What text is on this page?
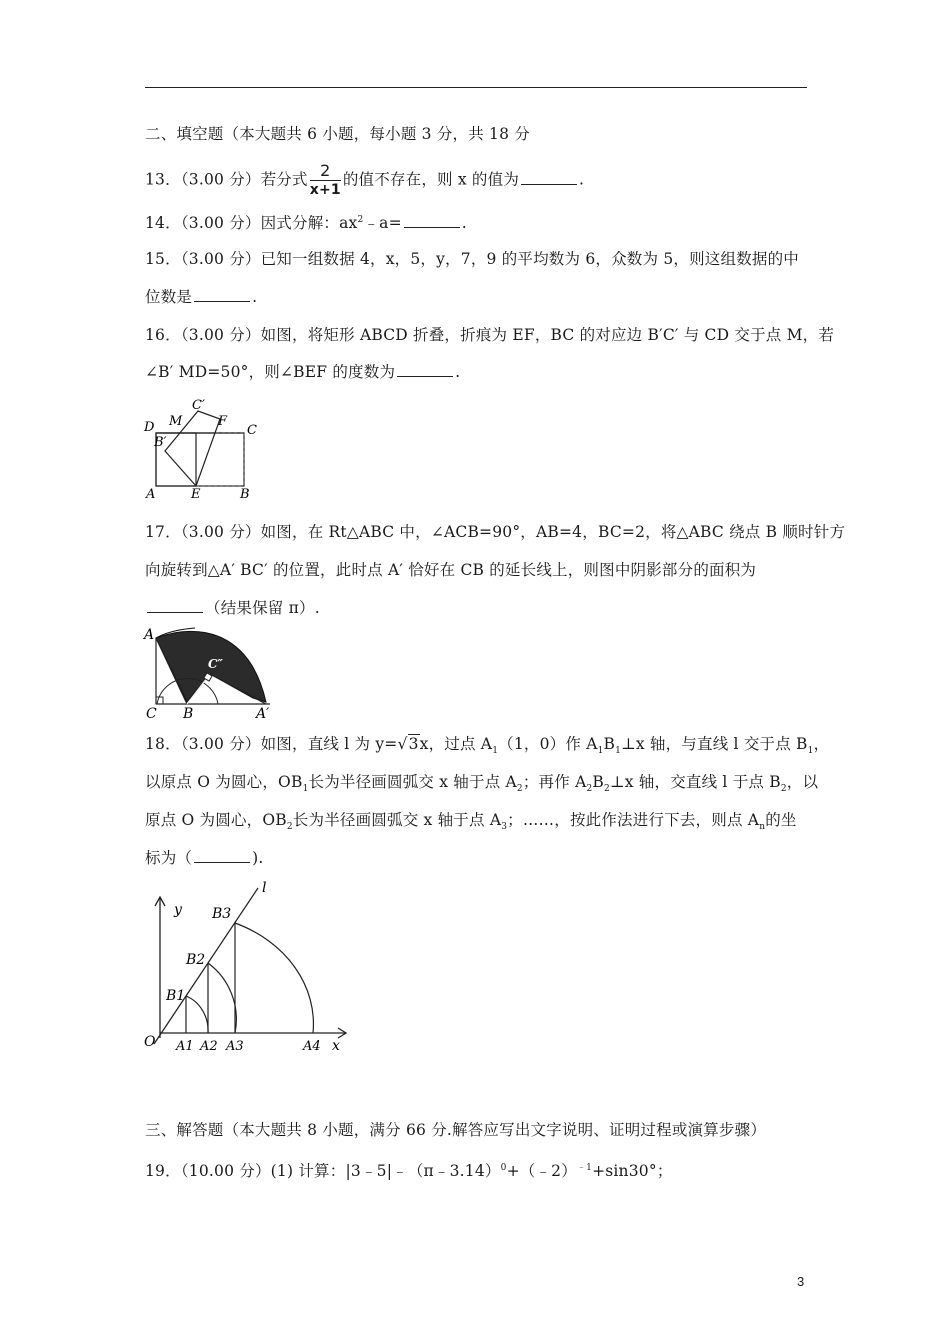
二、填空题（本大题共 6 小题，每小题 3 分，共 18 分
13．（3.00 分）若分式 $\frac{2}{x+1}$ 的值不存在，则 x 的值为	.
14．（3.00 分）因式分解：$ax^2﹣a=$	.
15．（3.00 分）已知一组数据 4，x，5，y，7，9 的平均数为 6，众数为 5，则这组数据的中
位数是	.
16．（3.00 分）如图，将矩形 ABCD 折叠，折痕为 EF，BC 的对应边 B′C′ 与 CD 交于点 M，若
∠B′ MD=50°，则∠BEF 的度数为	.
D M
C′
F
C
B′
A	E	B
17．（3.00 分）如图，在 Rt△ABC 中，∠ACB=90°，AB=4，BC=2，将△ABC 绕点 B 顺时针方
向旋转到△A′ BC′ 的位置，此时点 A′ 恰好在 CB 的延长线上，则图中阴影部分的面积为
（结果保留 π）.
A
C″
C B	A′
18．（3.00 分）如图，直线 l 为 y=√3x，过点 $A_1(1$，0）作 $A_1B_1\perp x$ 轴，与直线 l 交于点 $B_1$，
以原点 O 为圆心，$OB_1$长为半径画圆弧交 x 轴于点 $A_2$；再作 $A_2B_2\perp x$ 轴，交直线 l 于点 $B_2$，以
原点 O 为圆心，$OB_2$长为半径画圆弧交 x 轴于点 $A_3$；……，按此作法进行下去，则点 $A_n$的坐
标为（	).
l
y B3
B2
B1
O A1 A2 A3	A4 x
三、解答题（本大题共 8 小题，满分 66 分.解答应写出文字说明、证明过程或演算步骤）
19．（10.00 分）(1) 计算：|3﹣5|﹣（π﹣3.14）$^0$+（﹣2）$^{﹣1}$+sin30°；
3
